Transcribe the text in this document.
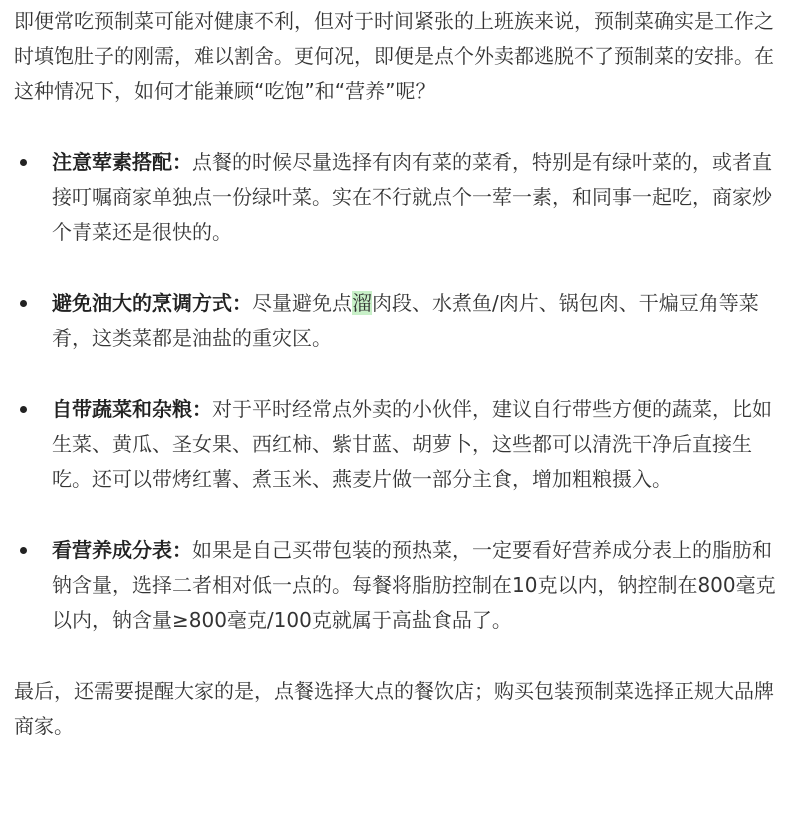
即便常吃预制菜可能对健康不利，但对于时间紧张的上班族来说，预制菜确实是工作之时填饱肚子的刚需，难以割舍。更何况，即便是点个外卖都逃脱不了预制菜的安排。在这种情况下，如何才能兼顾“吃饱”和“营养”呢？

注意荤素搭配：点餐的时候尽量选择有肉有菜的菜肴，特别是有绿叶菜的，或者直接叮嘱商家单独点一份绿叶菜。实在不行就点个一荤一素，和同事一起吃，商家炒个青菜还是很快的。
避免油大的烹调方式：尽量避免点溜肉段、水煮鱼/肉片、锅包肉、干煸豆角等菜肴，这类菜都是油盐的重灾区。
自带蔬菜和杂粮：对于平时经常点外卖的小伙伴，建议自行带些方便的蔬菜，比如生菜、黄瓜、圣女果、西红柿、紫甘蓝、胡萝卜，这些都可以清洗干净后直接生吃。还可以带烤红薯、煮玉米、燕麦片做一部分主食，增加粗粮摄入。
看营养成分表：如果是自己买带包装的预热菜，一定要看好营养成分表上的脂肪和钠含量，选择二者相对低一点的。每餐将脂肪控制在10克以内，钠控制在800毫克以内，钠含量≥800毫克/100克就属于高盐食品了。

最后，还需要提醒大家的是，点餐选择大点的餐饮店；购买包装预制菜选择正规大品牌商家。
